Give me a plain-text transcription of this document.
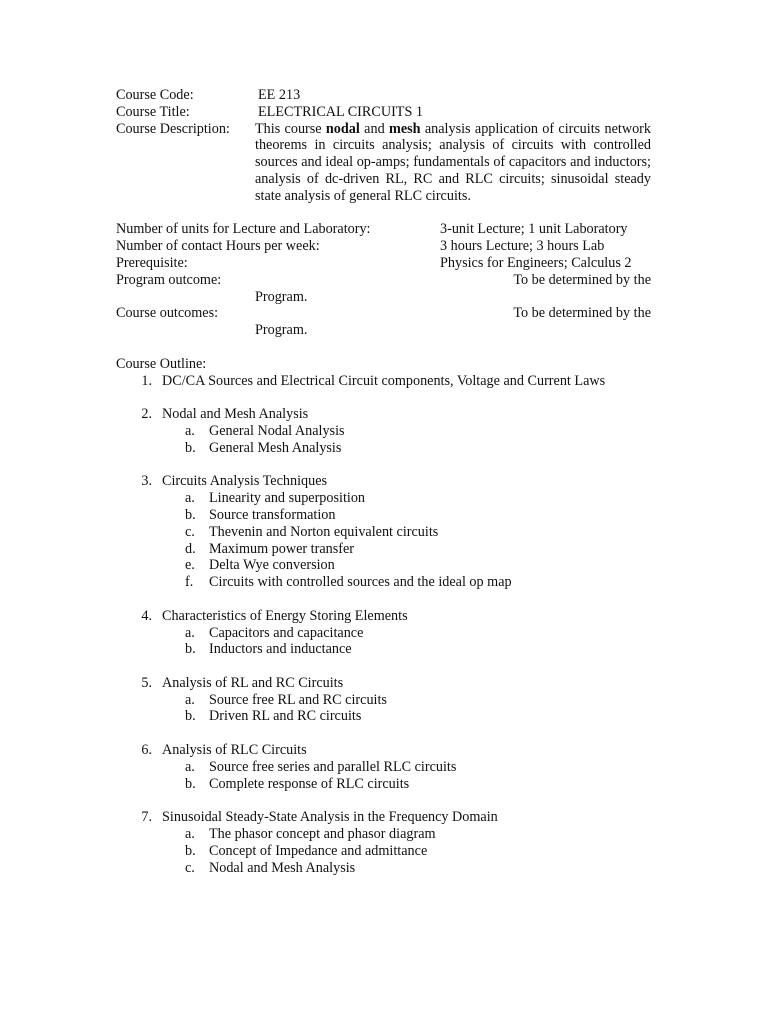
Course Code:	EE 213
Course Title:	ELECTRICAL CIRCUITS 1
Course Description: This course nodal and mesh analysis application of circuits network theorems in circuits analysis; analysis of circuits with controlled sources and ideal op-amps; fundamentals of capacitors and inductors; analysis of dc-driven RL, RC and RLC circuits; sinusoidal steady state analysis of general RLC circuits.
Number of units for Lecture and Laboratory:	3-unit Lecture; 1 unit Laboratory
Number of contact Hours per week:	3 hours Lecture; 3 hours Lab
Prerequisite:	Physics for Engineers; Calculus 2
Program outcome:	To be determined by the
Program.
Course outcomes:	To be determined by the
Program.
Course Outline:
1. DC/CA Sources and Electrical Circuit components, Voltage and Current Laws
2. Nodal and Mesh Analysis
a. General Nodal Analysis
b. General Mesh Analysis
3. Circuits Analysis Techniques
a. Linearity and superposition
b. Source transformation
c. Thevenin and Norton equivalent circuits
d. Maximum power transfer
e. Delta Wye conversion
f.	Circuits with controlled sources and the ideal op map
4. Characteristics of Energy Storing Elements
a. Capacitors and capacitance
b. Inductors and inductance
5. Analysis of RL and RC Circuits
a. Source free RL and RC circuits
b. Driven RL and RC circuits
6. Analysis of RLC Circuits
a. Source free series and parallel RLC circuits
b. Complete response of RLC circuits
7. Sinusoidal Steady-State Analysis in the Frequency Domain
a. The phasor concept and phasor diagram
b. Concept of Impedance and admittance
c. Nodal and Mesh Analysis
